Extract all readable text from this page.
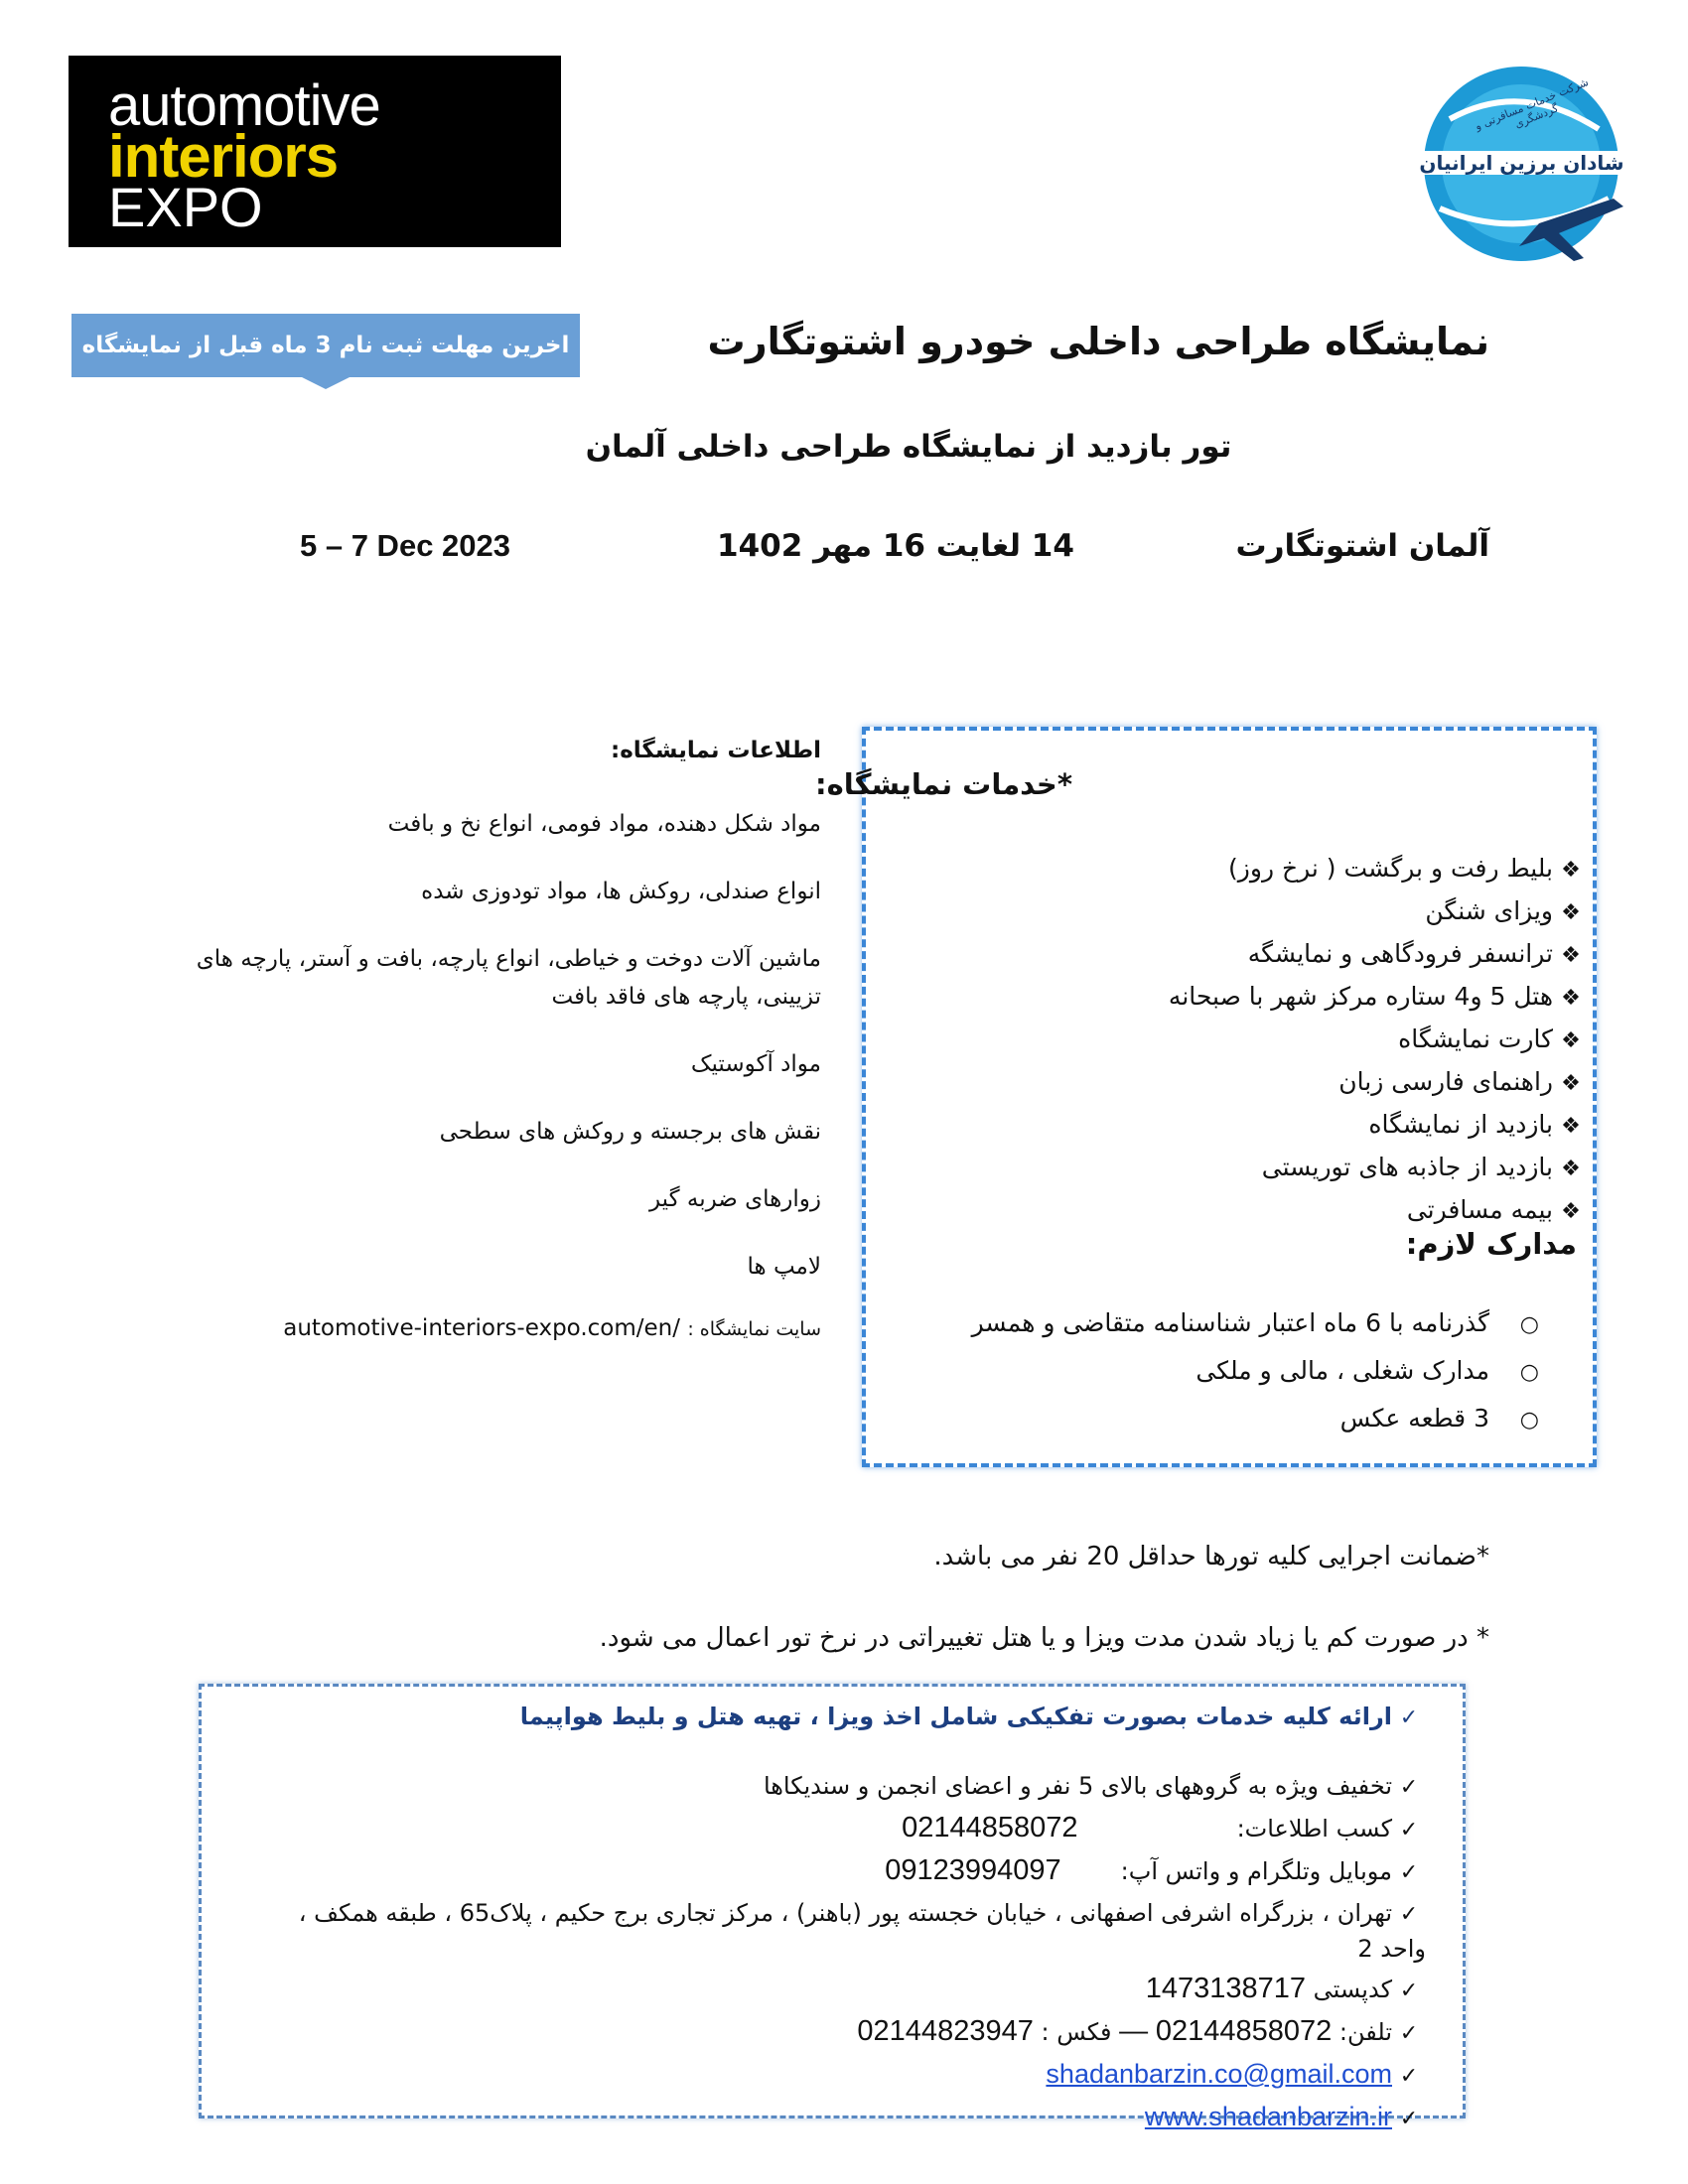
automotive
interiors
EXPO
شرکت خدمات مسافرتی و گردشگری
شادان برزین ایرانیان
اخرین مهلت ثبت نام 3 ماه قبل از نمایشگاه	نمایشگاه طراحی داخلی خودرو اشتوتگارت
تور بازدید از نمایشگاه طراحی داخلی آلمان
آلمان اشتوتگارت
14 لغایت 16 مهر 1402
5 – 7 Dec 2023
*خدمات نمایشگاه:
❖بلیط رفت و برگشت ( نرخ روز)
❖ویزای شنگن
❖ترانسفر فرودگاهی و نمایشگه
❖هتل 5 و4 ستاره مرکز شهر با صبحانه
❖کارت نمایشگاه
❖راهنمای فارسی زبان
❖بازدید از نمایشگاه
❖بازدید از جاذبه های توریستی
❖بیمه مسافرتی
مدارک لازم:
○گذرنامه با 6 ماه اعتبار شناسنامه متقاضی و همسر
○مدارک شغلی ، مالی و ملکی
○3 قطعه عکس
اطلاعات نمایشگاه:
مواد شکل دهنده، مواد فومی، انواع نخ و بافت
انواع صندلی، روکش ها، مواد تودوزی شده
ماشین آلات دوخت و خیاطی، انواع پارچه، بافت و آستر، پارچه های تزیینی، پارچه های فاقد بافت
مواد آکوستیک
نقش های برجسته و روکش های سطحی
زوارهای ضربه گیر
لامپ ها
automotive-interiors-expo.com/en/ سایت نمایشگاه :
*ضمانت اجرایی کلیه تورها حداقل 20 نفر می باشد.
* در صورت کم یا زیاد شدن مدت ویزا و یا هتل تغییراتی در نرخ تور اعمال می شود.
✓ارائه کلیه خدمات بصورت تفکیکی شامل اخذ ویزا ، تهیه هتل و بلیط هواپیما
✓تخفیف ویژه به گروههای بالای 5 نفر و اعضای انجمن و سندیکاها
✓کسب اطلاعات:02144858072
✓موبایل وتلگرام و واتس آپ:09123994097
✓تهران ، بزرگراه اشرفی اصفهانی ، خیابان خجسته پور (باهنر) ، مرکز تجاری برج حکیم ، پلاک65 ، طبقه همکف ، واحد 2
✓کدپستی 1473138717
✓تلفن: 02144858072 — فکس : 02144823947
✓shadanbarzin.co@gmail.com
✓www.shadanbarzin.ir
